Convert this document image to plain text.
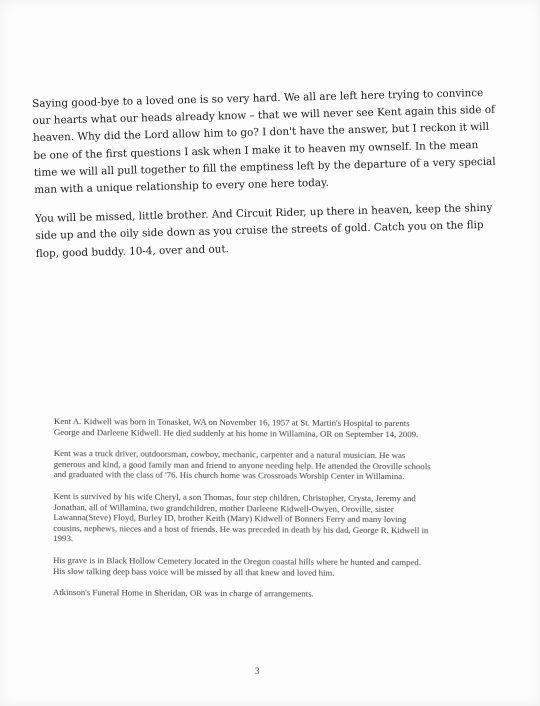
Saying good-bye to a loved one is so very hard. We all are left here trying to convince our hearts what our heads already know – that we will never see Kent again this side of heaven. Why did the Lord allow him to go? I don't have the answer, but I reckon it will be one of the first questions I ask when I make it to heaven my ownself. In the mean time we will all pull together to fill the emptiness left by the departure of a very special man with a unique relationship to every one here today.

You will be missed, little brother. And Circuit Rider, up there in heaven, keep the shiny side up and the oily side down as you cruise the streets of gold. Catch you on the flip flop, good buddy. 10-4, over and out.

Kent A. Kidwell was born in Tonasket, WA on November 16, 1957 at St. Martin's Hospital to parents George and Darleene Kidwell. He died suddenly at his home in Willamina, OR on September 14, 2009.

Kent was a truck driver, outdoorsman, cowboy, mechanic, carpenter and a natural musician. He was generous and kind, a good family man and friend to anyone needing help. He attended the Oroville schools and graduated with the class of '76. His church home was Crossroads Worship Center in Willamina.

Kent is survived by his wife Cheryl, a son Thomas, four step children, Christopher, Crysta, Jeremy and Jonathan, all of Willamina, two grandchildren, mother Darleene Kidwell-Owyen, Oroville, sister Lawanna(Steve) Floyd, Burley ID, brother Keith (Mary) Kidwell of Bonners Ferry and many loving cousins, nephews, nieces and a host of friends. He was preceded in death by his dad, George R. Kidwell in 1993.

His grave is in Black Hollow Cemetery located in the Oregon coastal hills where he hunted and camped. His slow talking deep bass voice will be missed by all that knew and loved him.

Atkinson's Funeral Home in Sheridan, OR was in charge of arrangements.

3
